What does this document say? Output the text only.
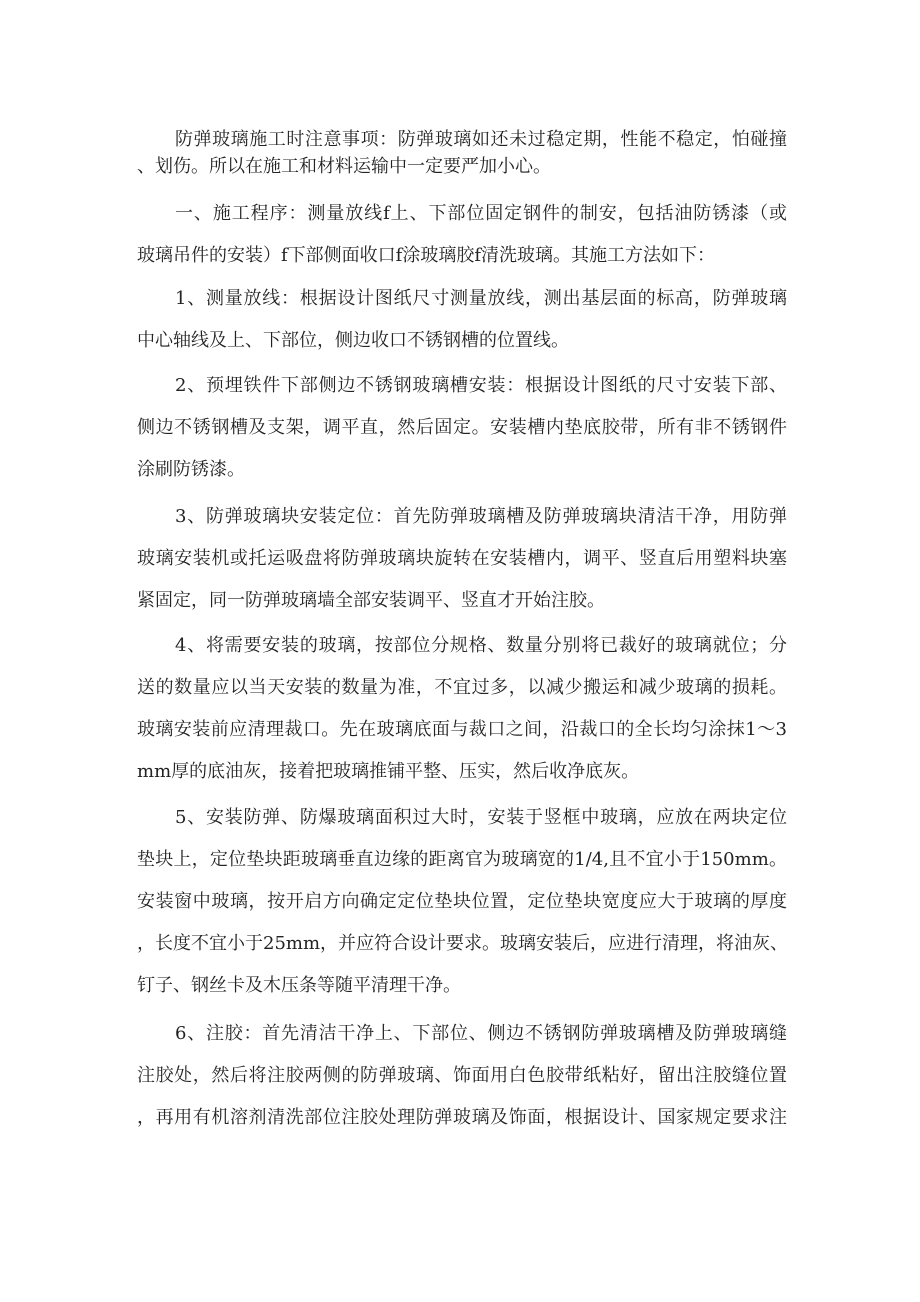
防弹玻璃施工时注意事项：防弹玻璃如还未过稳定期，性能不稳定，怕碰撞
、划伤。所以在施工和材料运输中一定要严加小心。
一、施工程序：测量放线f上、下部位固定钢件的制安，包括油防锈漆（或
玻璃吊件的安装）f下部侧面收口f涂玻璃胶f清洗玻璃。其施工方法如下：
1、测量放线：根据设计图纸尺寸测量放线，测出基层面的标高，防弹玻璃
中心轴线及上、下部位，侧边收口不锈钢槽的位置线。
2、预埋铁件下部侧边不锈钢玻璃槽安装：根据设计图纸的尺寸安装下部、
侧边不锈钢槽及支架，调平直，然后固定。安装槽内垫底胶带，所有非不锈钢件
涂刷防锈漆。
3、防弹玻璃块安装定位：首先防弹玻璃槽及防弹玻璃块清洁干净，用防弹
玻璃安装机或托运吸盘将防弹玻璃块旋转在安装槽内，调平、竖直后用塑料块塞
紧固定，同一防弹玻璃墙全部安装调平、竖直才开始注胶。
4、将需要安装的玻璃，按部位分规格、数量分别将已裁好的玻璃就位；分
送的数量应以当天安装的数量为准，不宜过多，以减少搬运和减少玻璃的损耗。
玻璃安装前应清理裁口。先在玻璃底面与裁口之间，沿裁口的全长均匀涂抹1～3
mm厚的底油灰，接着把玻璃推铺平整、压实，然后收净底灰。
5、安装防弹、防爆玻璃面积过大时，安装于竖框中玻璃，应放在两块定位
垫块上，定位垫块距玻璃垂直边缘的距离官为玻璃宽的1/4,且不宜小于150mm。
安装窗中玻璃，按开启方向确定定位垫块位置，定位垫块宽度应大于玻璃的厚度
，长度不宜小于25mm，并应符合设计要求。玻璃安装后，应进行清理，将油灰、
钉子、钢丝卡及木压条等随平清理干净。
6、注胶：首先清洁干净上、下部位、侧边不锈钢防弹玻璃槽及防弹玻璃缝
注胶处，然后将注胶两侧的防弹玻璃、饰面用白色胶带纸粘好，留出注胶缝位置
，再用有机溶剂清洗部位注胶处理防弹玻璃及饰面，根据设计、国家规定要求注
